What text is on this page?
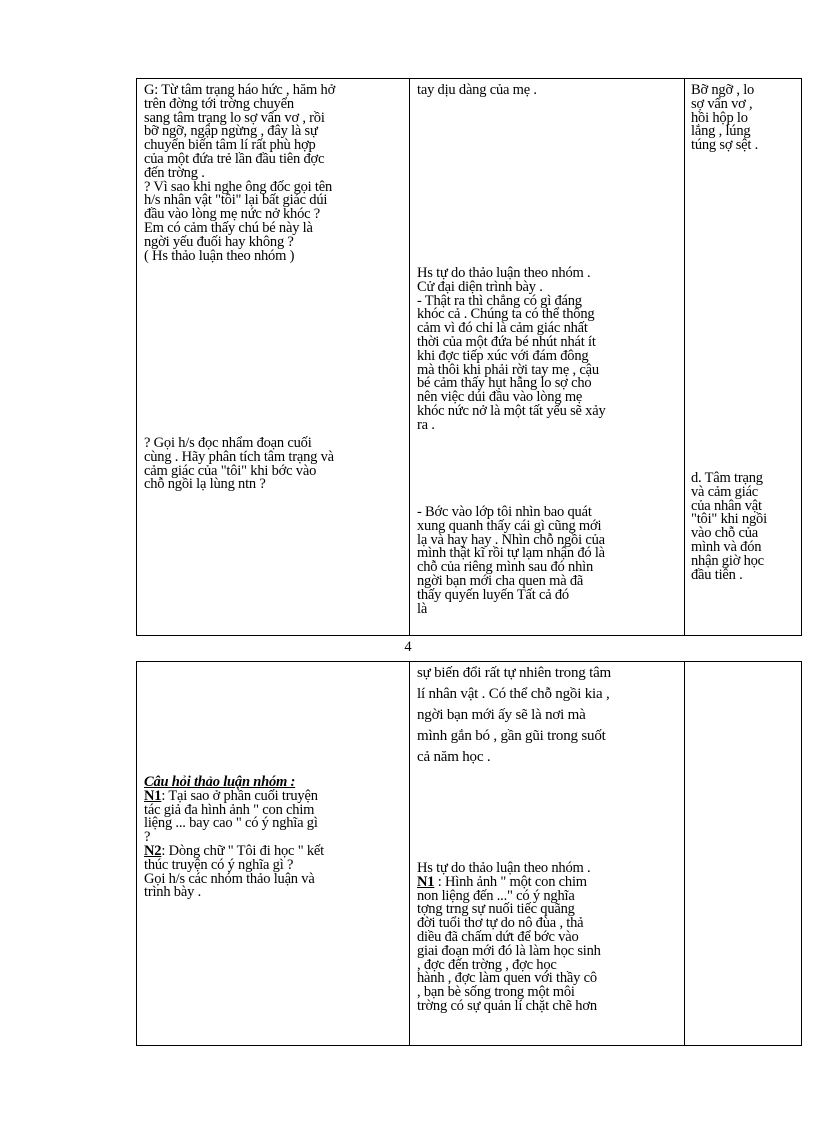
G: Từ tâm trạng háo hức , hăm hở
trên đờng tới trờng chuyển
sang tâm trạng lo sợ vẩn vơ , rồi
bỡ ngỡ, ngập ngừng , đây là sự
chuyển biến tâm lí rất phù hợp
của một đứa trẻ lần đầu tiên đợc
đến trờng .
? Vì sao khi nghe ông đốc gọi tên
h/s nhân vật "tôi" lại bất giác dúi
đầu vào lòng mẹ nức nở khóc ?
Em có cảm thấy chú bé này là
ngời yếu đuối hay không ?
( Hs thảo luận theo nhóm )
? Gọi h/s đọc nhẩm đoạn cuối
cùng . Hãy phân tích tâm trạng và
cảm giác của "tôi" khi bớc vào
chỗ ngồi lạ lùng ntn ?
tay dịu dàng của mẹ .
Hs tự do thảo luận theo nhóm .
Cử đại diện trình bày .
- Thật ra thì chẳng có gì đáng
khóc cả . Chúng ta có thể thông
cảm vì đó chỉ là cảm giác nhất
thời của một đứa bé nhút nhát ít
khi đợc tiếp xúc với đám đông
mà thôi khi phải rời tay mẹ , cậu
bé cảm thấy hụt hẫng lo sợ cho
nên việc dúi đầu vào lòng mẹ
khóc nức nở là một tất yếu sẽ xảy
ra .
- Bớc vào lớp tôi nhìn bao quát
xung quanh thấy cái gì cũng mới
lạ và hay hay . Nhìn chỗ ngồi của
mình thật kĩ rồi tự lạm nhận đó là
chỗ của riêng mình sau đó nhìn
ngời bạn mới cha quen mà đã
thấy quyến luyến Tất cả đó
là
Bỡ ngỡ , lo
sợ vẩn vơ ,
hồi hộp lo
lắng , lúng
túng sợ sệt .
d. Tâm trạng
và cảm giác
của nhân vật
"tôi" khi ngồi
vào chỗ của
mình và đón
nhận giờ học
đầu tiên .
4
Câu hỏi thảo luận nhóm :
N1: Tại sao ở phần cuối truyện
tác giả đa hình ảnh " con chim
liệng ... bay cao " có ý nghĩa gì
?
N2: Dòng chữ " Tôi đi học " kết
thúc truyện có ý nghĩa gì ?
Gọi h/s các nhóm thảo luận và
trình bày .
sự biến đổi rất tự nhiên trong tâm
lí nhân vật . Có thể chỗ ngồi kia ,
ngời bạn mới ấy sẽ là nơi mà
mình gắn bó , gần gũi trong suốt
cả năm học .
Hs tự do thảo luận theo nhóm .
N1 : Hình ảnh " một con chim
non liệng đến ..." có ý nghĩa
tợng trng sự nuối tiếc quãng
đời tuổi thơ tự do nô đùa , thả
diều đã chấm dứt để bớc vào
giai đoạn mới đó là làm học sinh
, đợc đến trờng , đợc học
hành , đợc làm quen với thầy cô
, bạn bè sống trong một môi
trờng có sự quản lí chặt chẽ hơn
